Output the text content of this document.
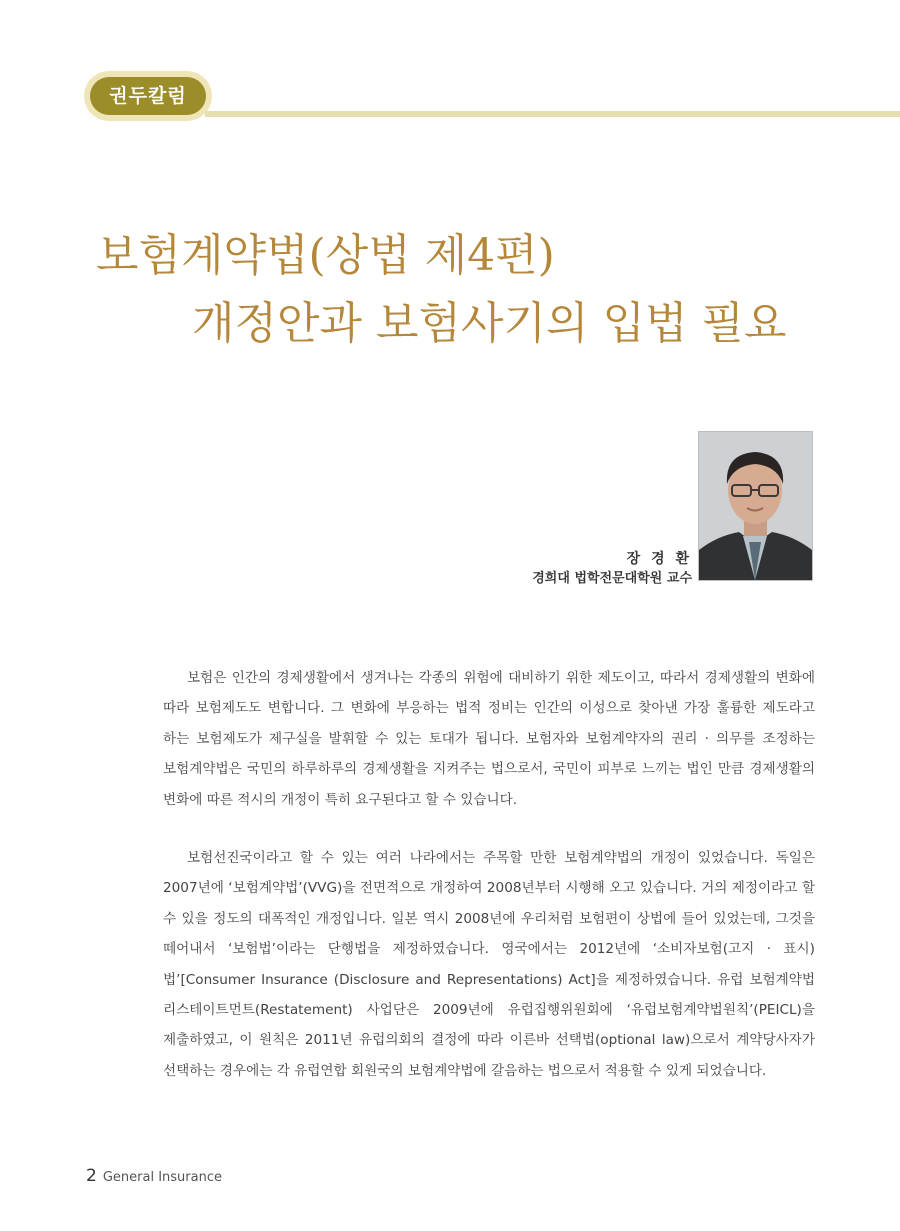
권두칼럼
보험계약법(상법 제4편)
개정안과 보험사기의 입법 필요
장 경 환
경희대 법학전문대학원 교수

보험은 인간의 경제생활에서 생겨나는 각종의 위험에 대비하기 위한 제도이고, 따라서 경제생활의 변화에 따라 보험제도도 변합니다. 그 변화에 부응하는 법적 정비는 인간의 이성으로 찾아낸 가장 훌륭한 제도라고 하는 보험제도가 제구실을 발휘할 수 있는 토대가 됩니다. 보험자와 보험계약자의 권리 · 의무를 조정하는 보험계약법은 국민의 하루하루의 경제생활을 지켜주는 법으로서, 국민이 피부로 느끼는 법인 만큼 경제생활의 변화에 따른 적시의 개정이 특히 요구된다고 할 수 있습니다.

보험선진국이라고 할 수 있는 여러 나라에서는 주목할 만한 보험계약법의 개정이 있었습니다. 독일은 2007년에 ‘보험계약법’(VVG)을 전면적으로 개정하여 2008년부터 시행해 오고 있습니다. 거의 제정이라고 할 수 있을 정도의 대폭적인 개정입니다. 일본 역시 2008년에 우리처럼 보험편이 상법에 들어 있었는데, 그것을 떼어내서 ‘보험법’이라는 단행법을 제정하였습니다. 영국에서는 2012년에 ‘소비자보험(고지 · 표시)법’[Consumer Insurance (Disclosure and Representations) Act]을 제정하였습니다. 유럽 보험계약법 리스테이트먼트(Restatement) 사업단은 2009년에 유럽집행위원회에 ‘유럽보험계약법원칙’(PEICL)을 제출하였고, 이 원칙은 2011년 유럽의회의 결정에 따라 이른바 선택법(optional law)으로서 계약당사자가 선택하는 경우에는 각 유럽연합 회원국의 보험계약법에 갈음하는 법으로서 적용할 수 있게 되었습니다.

2 General Insurance
